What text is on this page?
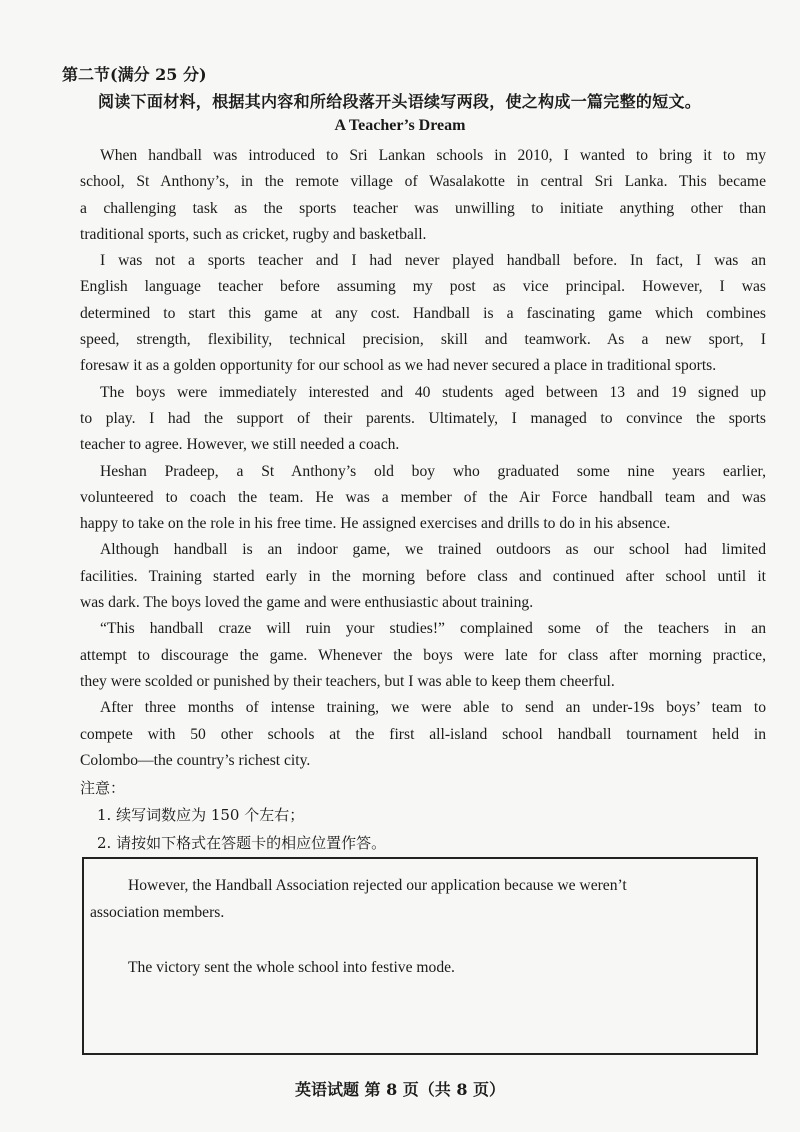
第二节(满分 25 分)
阅读下面材料，根据其内容和所给段落开头语续写两段，使之构成一篇完整的短文。
A Teacher’s Dream
When handball was introduced to Sri Lankan schools in 2010, I wanted to bring it to my
school, St Anthony’s, in the remote village of Wasalakotte in central Sri Lanka. This became
a challenging task as the sports teacher was unwilling to initiate anything other than
traditional sports, such as cricket, rugby and basketball.
I was not a sports teacher and I had never played handball before. In fact, I was an
English language teacher before assuming my post as vice principal. However, I was
determined to start this game at any cost. Handball is a fascinating game which combines
speed, strength, flexibility, technical precision, skill and teamwork. As a new sport, I
foresaw it as a golden opportunity for our school as we had never secured a place in traditional sports.
The boys were immediately interested and 40 students aged between 13 and 19 signed up
to play. I had the support of their parents. Ultimately, I managed to convince the sports
teacher to agree. However, we still needed a coach.
Heshan Pradeep, a St Anthony’s old boy who graduated some nine years earlier,
volunteered to coach the team. He was a member of the Air Force handball team and was
happy to take on the role in his free time. He assigned exercises and drills to do in his absence.
Although handball is an indoor game, we trained outdoors as our school had limited
facilities. Training started early in the morning before class and continued after school until it
was dark. The boys loved the game and were enthusiastic about training.
“This handball craze will ruin your studies!” complained some of the teachers in an
attempt to discourage the game. Whenever the boys were late for class after morning practice,
they were scolded or punished by their teachers, but I was able to keep them cheerful.
After three months of intense training, we were able to send an under-19s boys’ team to
compete with 50 other schools at the first all-island school handball tournament held in
Colombo—the country’s richest city.
注意：
1. 续写词数应为 150 个左右；
2. 请按如下格式在答题卡的相应位置作答。
However, the Handball Association rejected our application because we weren’t
association members.
The victory sent the whole school into festive mode.
英语试题 第 8 页（共 8 页）
